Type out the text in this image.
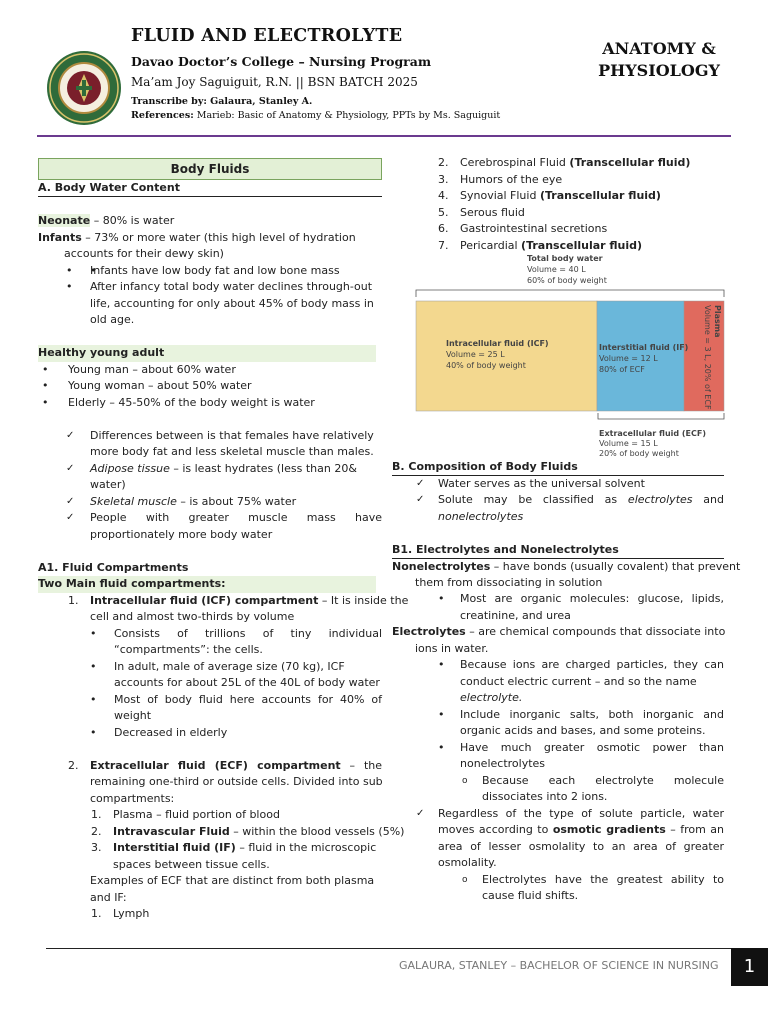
FLUID AND ELECTROLYTE
Davao Doctor’s College – Nursing Program
Ma’am Joy Saguiguit, R.N. || BSN BATCH 2025
Transcribe by: Galaura, Stanley A.
References: Marieb: Basic of Anatomy & Physiology, PPTs by Ms. Saguiguit
ANATOMY & PHYSIOLOGY
Body Fluids
A. Body Water Content
Neonate – 80% is water
Infants – 73% or more water (this high level of hydration
accounts for their dewy skin)
• • Infants have low body fat and low bone mass
• After infancy total body water declines through-out
life, accounting for only about 45% of body mass in
old age.
Healthy young adult
• Young man – about 60% water
• Young woman – about 50% water
• Elderly – 45-50% of the body weight is water
✓ Differences between is that females have relatively
more body fat and less skeletal muscle than males.
✓ Adipose tissue – is least hydrates (less than 20&
water)
✓ Skeletal muscle – is about 75% water
✓ People with greater muscle mass have
proportionately more body water
A1. Fluid Compartments
Two Main fluid compartments:
1. Intracellular fluid (ICF) compartment – It is inside the
cell and almost two-thirds by volume
• Consists of trillions of tiny individual
“compartments”: the cells.
• In adult, male of average size (70 kg), ICF
accounts for about 25L of the 40L of body water
• Most of body fluid here accounts for 40% of
weight
• Decreased in elderly
2. Extracellular fluid (ECF) compartment – the
remaining one-third or outside cells. Divided into sub
compartments:
1. Plasma – fluid portion of blood
2. Intravascular Fluid – within the blood vessels (5%)
3. Interstitial fluid (IF) – fluid in the microscopic
spaces between tissue cells.
Examples of ECF that are distinct from both plasma
and IF:
1. Lymph
2. Cerebrospinal Fluid (Transcellular fluid)
3. Humors of the eye
4. Synovial Fluid (Transcellular fluid)
5. Serous fluid
6. Gastrointestinal secretions
7. Pericardial (Transcellular fluid)
B. Composition of Body Fluids
✓ Water serves as the universal solvent
✓ Solute may be classified as electrolytes and
nonelectrolytes
B1. Electrolytes and Nonelectrolytes
Nonelectrolytes – have bonds (usually covalent) that prevent
them from dissociating in solution
• Most are organic molecules: glucose, lipids,
creatinine, and urea
Electrolytes – are chemical compounds that dissociate into
ions in water.
• Because ions are charged particles, they can
conduct electric current – and so the name
electrolyte.
• Include inorganic salts, both inorganic and
organic acids and bases, and some proteins.
• Have much greater osmotic power than
nonelectrolytes
o Because each electrolyte molecule
dissociates into 2 ions.
✓ Regardless of the type of solute particle, water
moves according to osmotic gradients – from an
area of lesser osmolality to an area of greater
osmolality.
o Electrolytes have the greatest ability to
cause fluid shifts.
Total body water
Volume = 40 L
60% of body weight
Intracellular fluid (ICF)
Volume = 25 L
40% of body weight
Interstitial fluid (IF)
Volume = 12 L
80% of ECF
Plasma
Volume = 3 L, 20% of ECF
Extracellular fluid (ECF)
Volume = 15 L
20% of body weight
GALAURA, STANLEY – BACHELOR OF SCIENCE IN NURSING	1
